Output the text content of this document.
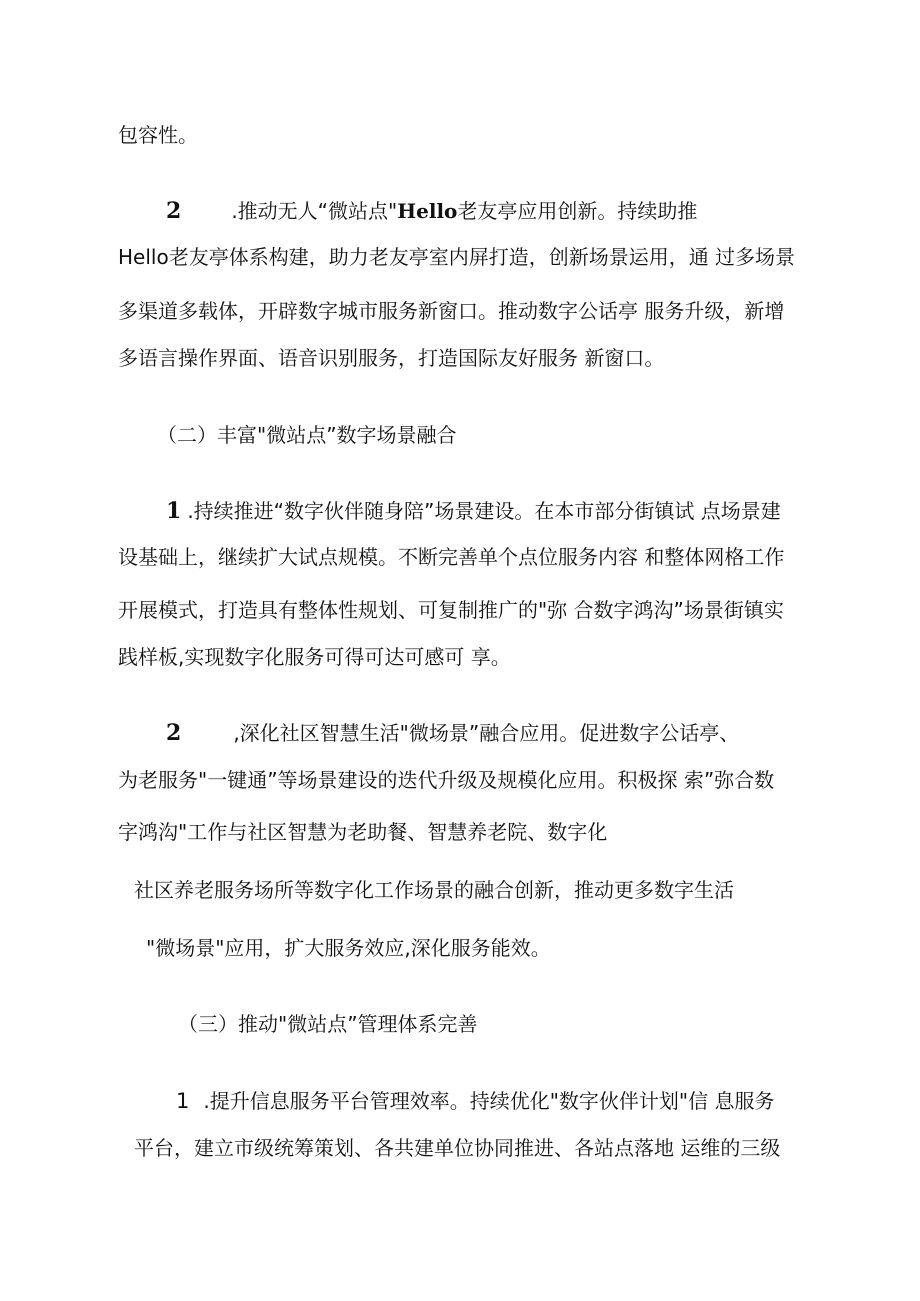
包容性。
2	.推动无人“微站点"Hello老友亭应用创新。持续助推
Hello老友亭体系构建，助力老友亭室内屏打造，创新场景运用，通 过多场景
多渠道多载体，开辟数字城市服务新窗口。推动数字公话亭 服务升级，新增
多语言操作界面、语音识别服务，打造国际友好服务 新窗口。
（二）丰富"微站点”数字场景融合
1 .持续推进“数字伙伴随身陪”场景建设。在本市部分街镇试 点场景建
设基础上，继续扩大试点规模。不断完善单个点位服务内容 和整体网格工作
开展模式，打造具有整体性规划、可复制推广的"弥 合数字鸿沟”场景街镇实
践样板,实现数字化服务可得可达可感可 享。
2	,深化社区智慧生活"微场景”融合应用。促进数字公话亭、
为老服务"一键通”等场景建设的迭代升级及规模化应用。积极探 索”弥合数
字鸿沟"工作与社区智慧为老助餐、智慧养老院、数字化
社区养老服务场所等数字化工作场景的融合创新，推动更多数字生活
"微场景"应用，扩大服务效应,深化服务能效。
（三）推动"微站点”管理体系完善
1 .提升信息服务平台管理效率。持续优化"数字伙伴计划"信 息服务
平台，建立市级统筹策划、各共建单位协同推进、各站点落地 运维的三级
